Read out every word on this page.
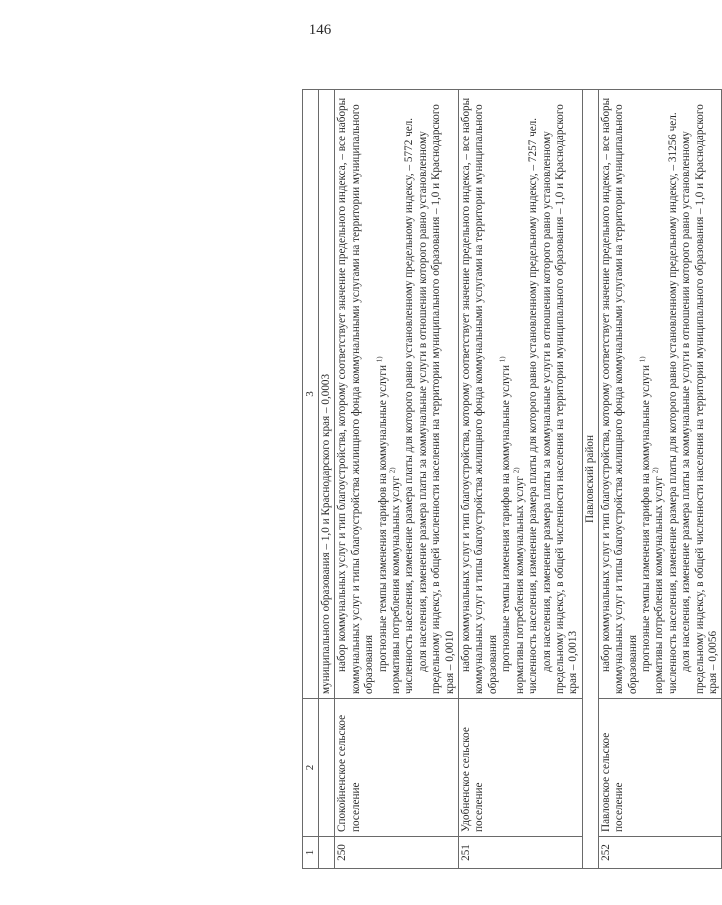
146
1	2	3
		муниципального образования – 1,0 и Краснодарского края – 0,0003
250	Спокойненское сельское поселение	набор коммунальных услуг и тип благоустройства, которому соответствует значение предельного индекса, – все наборы коммунальных услуг и типы благоустройства жилищного фонда коммунальными услугами на территории муниципального образования прогнозные темпы изменения тарифов на коммунальные услуги $^{1)}$

нормативы потребления коммунальных услуг $^{2)}$ численность населения, изменение размера платы для которого равно установленному предельному индексу, – 5772 чел. доля населения, изменение размера платы за коммунальные услуги в отношении которого равно установленному предельному индексу, в общей численности населения на территории муниципального образования – 1,0 и Краснодарского края – 0,0010

251	Удобненское сельское поселение	набор коммунальных услуг и тип благоустройства, которому соответствует значение предельного индекса, – все наборы коммунальных услуг и типы благоустройства жилищного фонда коммунальными услугами на территории муниципального образования прогнозные темпы изменения тарифов на коммунальные услуги $^{1)}$

нормативы потребления коммунальных услуг $^{2)}$ численность населения, изменение размера платы для которого равно установленному предельному индексу, – 7257 чел. доля населения, изменение размера платы за коммунальные услуги в отношении которого равно установленному предельному индексу, в общей численности населения на территории муниципального образования – 1,0 и Краснодарского края – 0,0013

Павловский район		
252	Павловское сельское поселение	набор коммунальных услуг и тип благоустройства, которому соответствует значение предельного индекса, – все наборы коммунальных услуг и типы благоустройства жилищного фонда коммунальными услугами на территории муниципального образования прогнозные темпы изменения тарифов на коммунальные услуги $^{1)}$

нормативы потребления коммунальных услуг $^{2)}$ численность населения, изменение размера платы для которого равно установленному предельному индексу, – 31256 чел. доля населения, изменение размера платы за коммунальные услуги в отношении которого равно установленному предельному индексу, в общей численности населения на территории муниципального образования – 1,0 и Краснодарского края – 0,0056
